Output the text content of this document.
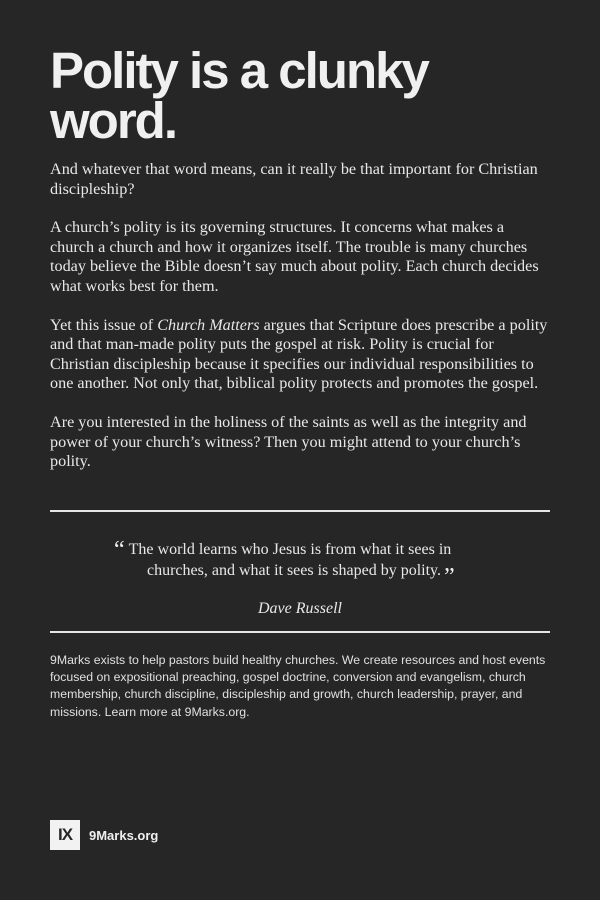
Polity is a clunky
word.

And whatever that word means, can it really be that important for Christian discipleship?

A church’s polity is its governing structures. It concerns what makes a church a church and how it organizes itself. The trouble is many churches today believe the Bible doesn’t say much about polity. Each church decides what works best for them.

Yet this issue of Church Matters argues that Scripture does prescribe a polity and that man-made polity puts the gospel at risk. Polity is crucial for Christian discipleship because it specifies our individual responsibilities to one another. Not only that, biblical polity protects and promotes the gospel.

Are you interested in the holiness of the saints as well as the integrity and power of your church’s witness? Then you might attend to your church’s polity.

“ The world learns who Jesus is from what it sees in
churches, and what it sees is shaped by polity. ”
Dave Russell

9Marks exists to help pastors build healthy churches. We create resources and host events focused on expositional preaching, gospel doctrine, conversion and evangelism, church membership, church discipline, discipleship and growth, church leadership, prayer, and missions. Learn more at 9Marks.org.

IX	9Marks.org
